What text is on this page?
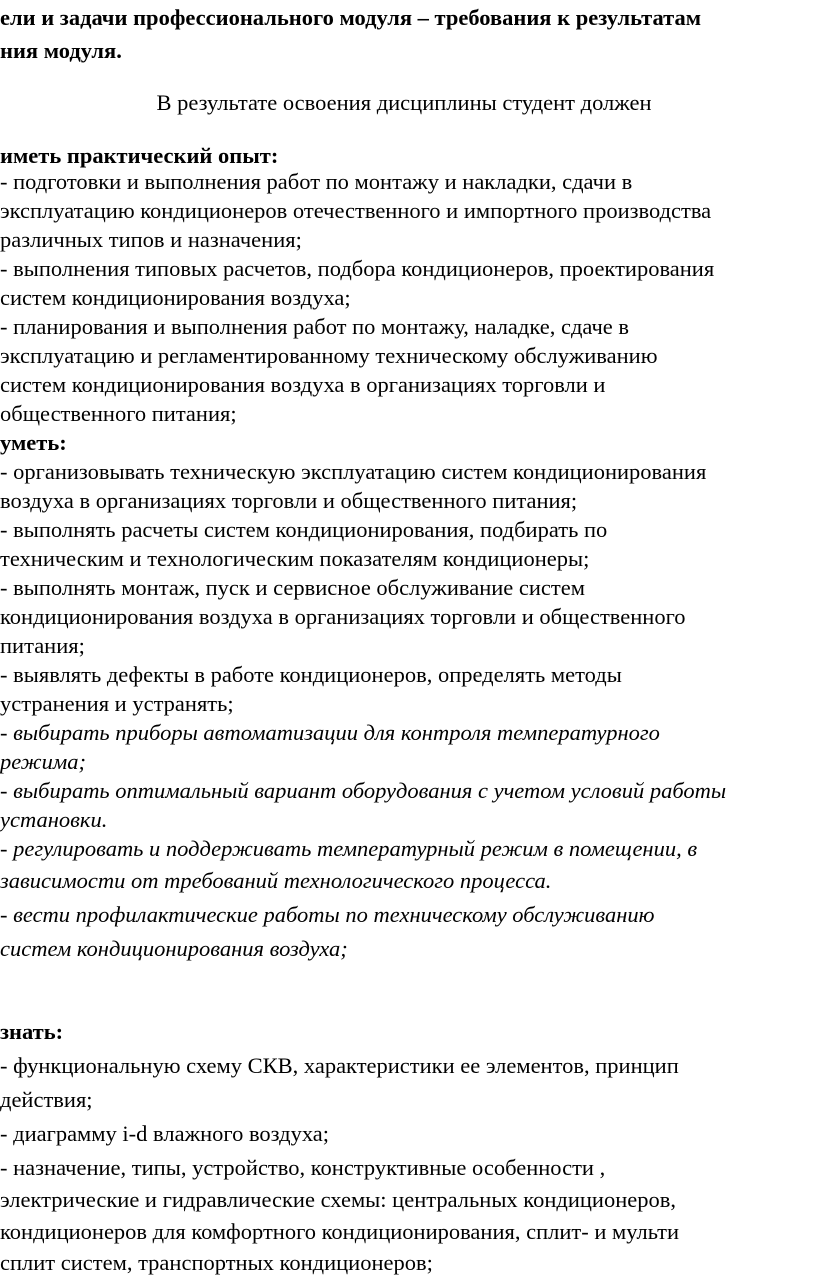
ели и задачи профессионального модуля – требования к результатам
ния модуля.
В результате освоения дисциплины студент должен
иметь практический опыт:
- подготовки и выполнения работ по монтажу и накладки, сдачи в
эксплуатацию кондиционеров отечественного и импортного производства
различных типов и назначения;
- выполнения типовых расчетов, подбора кондиционеров, проектирования
систем кондиционирования воздуха;
- планирования и выполнения работ по монтажу, наладке, сдаче в
эксплуатацию и регламентированному техническому обслуживанию
систем кондиционирования воздуха в организациях торговли и
общественного питания;
уметь:
- организовывать техническую эксплуатацию систем кондиционирования
воздуха в организациях торговли и общественного питания;
- выполнять расчеты систем кондиционирования, подбирать по
техническим и технологическим показателям кондиционеры;
- выполнять монтаж, пуск и сервисное обслуживание систем
кондиционирования воздуха в организациях торговли и общественного
питания;
- выявлять дефекты в работе кондиционеров, определять методы
устранения и устранять;
- выбирать приборы автоматизации для контроля температурного
режима;
- выбирать оптимальный вариант оборудования с учетом условий работы
установки.
- регулировать и поддерживать температурный режим в помещении, в
зависимости от требований технологического процесса.
- вести профилактические работы по техническому обслуживанию
систем кондиционирования воздуха;
знать:
- функциональную схему СКВ, характеристики ее элементов, принцип
действия;
- диаграмму i-d влажного воздуха;
- назначение, типы, устройство, конструктивные особенности ,
электрические и гидравлические схемы: центральных кондиционеров,
кондиционеров для комфортного кондиционирования, сплит- и мульти
сплит систем, транспортных кондиционеров;
